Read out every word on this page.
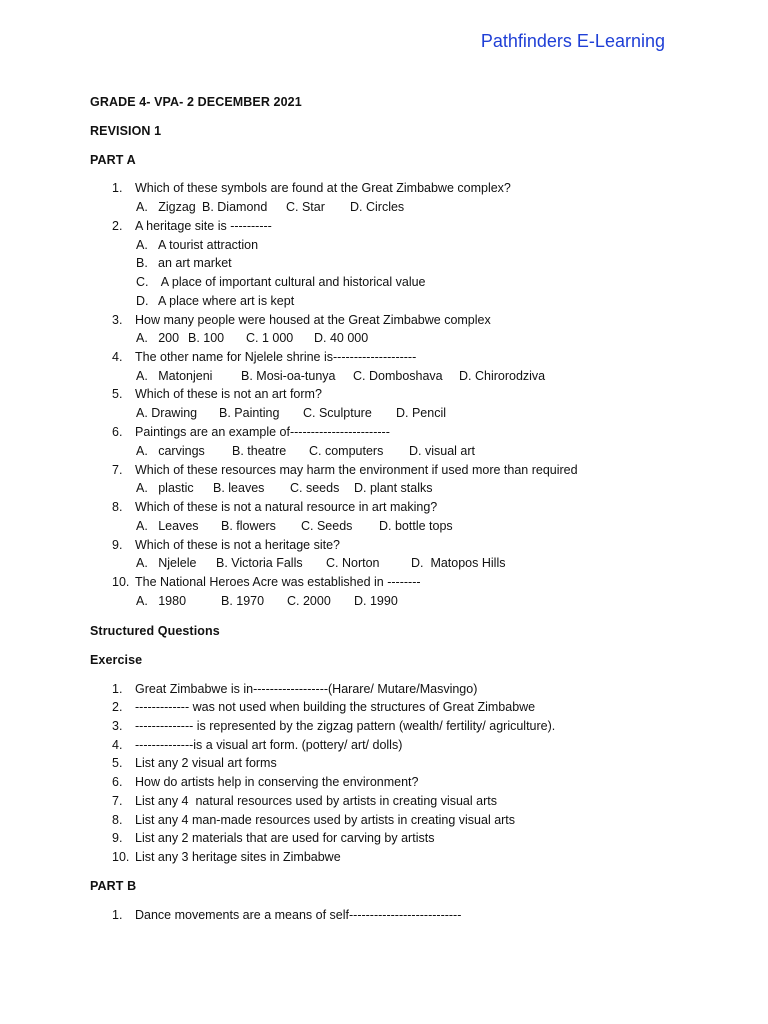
Pathfinders E-Learning
GRADE 4- VPA- 2 DECEMBER 2021
REVISION 1
PART A
1. Which of these symbols are found at the Great Zimbabwe complex?
A.   Zigzag B. Diamond C. Star D. Circles
2. A heritage site is ----------
A. A tourist attraction
B. an art market
C. A place of important cultural and historical value
D. A place where art is kept
3. How many people were housed at the Great Zimbabwe complex
A.   200 B. 100 C. 1 000 D. 40 000
4. The other name for Njelele shrine is--------------------
A.   Matonjeni B. Mosi-oa-tunya C. Domboshava D. Chirorodziva
5. Which of these is not an art form?
A. Drawing B. Painting C. Sculpture D. Pencil
6. Paintings are an example of------------------------
A.   carvings B. theatre C. computers D. visual art
7. Which of these resources may harm the environment if used more than required
A.   plastic B. leaves C. seeds D. plant stalks
8. Which of these is not a natural resource in art making?
A.   Leaves B. flowers C. Seeds D. bottle tops
9. Which of these is not a heritage site?
A.   Njelele B. Victoria Falls C. Norton	D.  Matopos Hills
10. The National Heroes Acre was established in --------
A.   1980	B. 1970 C. 2000 D. 1990
Structured Questions
Exercise
1. Great Zimbabwe is in------------------(Harare/ Mutare/Masvingo)
2. ------------- was not used when building the structures of Great Zimbabwe
3. -------------- is represented by the zigzag pattern (wealth/ fertility/ agriculture).
4. --------------is a visual art form. (pottery/ art/ dolls)
5. List any 2 visual art forms
6. How do artists help in conserving the environment?
7. List any 4  natural resources used by artists in creating visual arts
8. List any 4 man-made resources used by artists in creating visual arts
9. List any 2 materials that are used for carving by artists
10. List any 3 heritage sites in Zimbabwe
PART B
1. Dance movements are a means of self---------------------------
